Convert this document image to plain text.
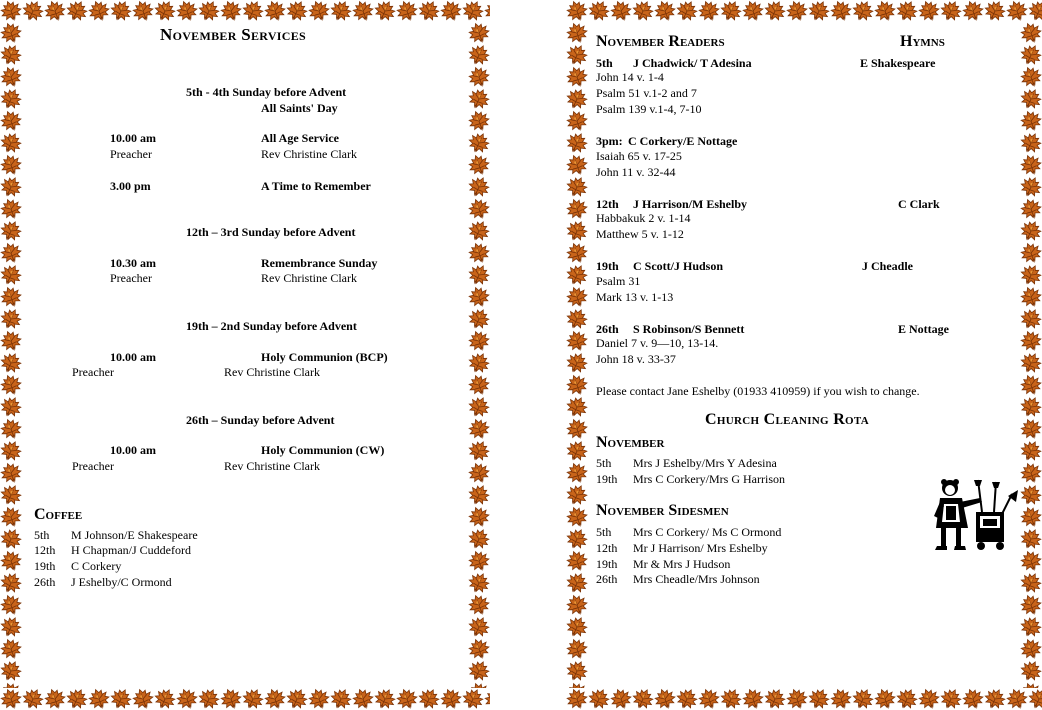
November Services
5th - 4th Sunday before Advent
All Saints' Day
10.00 am	All Age Service
Preacher	Rev Christine Clark
3.00 pm	A Time to Remember
12th – 3rd Sunday before Advent
10.30 am	Remembrance Sunday
Preacher	Rev Christine Clark
19th – 2nd Sunday before Advent
10.00 am	Holy Communion (BCP)
Preacher	Rev Christine Clark
26th – Sunday before Advent
10.00 am	Holy Communion (CW)
Preacher	Rev Christine Clark
Coffee
5th M Johnson/E Shakespeare
12th H Chapman/J Cuddeford
19th C Corkery
26th J Eshelby/C Ormond
November Readers	Hymns
5th J Chadwick/ T Adesina	E Shakespeare
John 14 v. 1-4
Psalm 51 v.1-2 and 7
Psalm 139 v.1-4, 7-10
3pm: C Corkery/E Nottage
Isaiah 65 v. 17-25
John 11 v. 32-44
12th J Harrison/M Eshelby	C Clark
Habbakuk 2 v. 1-14
Matthew 5 v. 1-12
19th C Scott/J Hudson	J Cheadle
Psalm 31
Mark 13 v. 1-13
26th S Robinson/S Bennett	E Nottage
Daniel 7 v. 9—10, 13-14.
John 18 v. 33-37
Please contact Jane Eshelby (01933 410959) if you wish to change.
Church Cleaning Rota
November
5th Mrs J Eshelby/Mrs Y Adesina
19th Mrs C Corkery/Mrs G Harrison
November Sidesmen
5th Mrs C Corkery/ Ms C Ormond
12th Mr J Harrison/ Mrs Eshelby
19th Mr & Mrs J Hudson
26th Mrs Cheadle/Mrs Johnson
